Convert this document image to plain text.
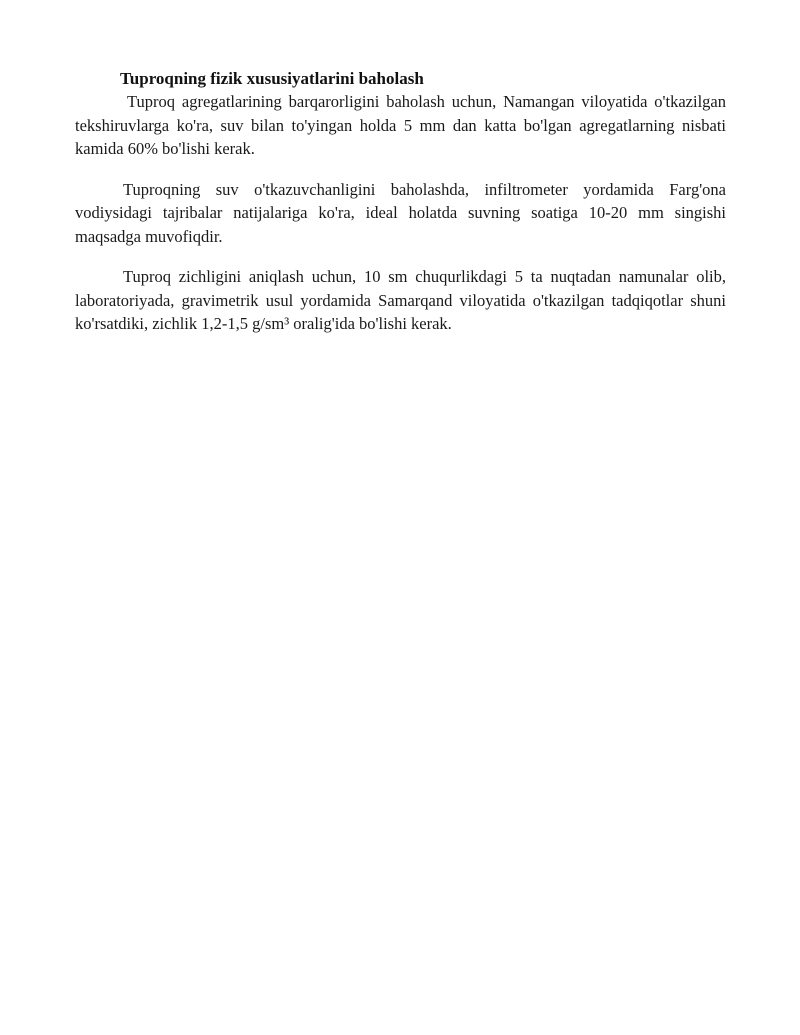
Tuproqning fizik xususiyatlarini baholash

Tuproq agregatlarining barqarorligini baholash uchun, Namangan viloyatida o'tkazilgan tekshiruvlarga ko'ra, suv bilan to'yingan holda 5 mm dan katta bo'lgan agregatlarning nisbati kamida 60% bo'lishi kerak.

Tuproqning suv o'tkazuvchanligini baholashda, infiltrometer yordamida Farg'ona vodiysidagi tajribalar natijalariga ko'ra, ideal holatda suvning soatiga 10-20 mm singishi maqsadga muvofiqdir.

Tuproq zichligini aniqlash uchun, 10 sm chuqurlikdagi 5 ta nuqtadan namunalar olib, laboratoriyada, gravimetrik usul yordamida Samarqand viloyatida o'tkazilgan tadqiqotlar shuni ko'rsatdiki, zichlik 1,2-1,5 g/sm³ oralig'ida bo'lishi kerak.
